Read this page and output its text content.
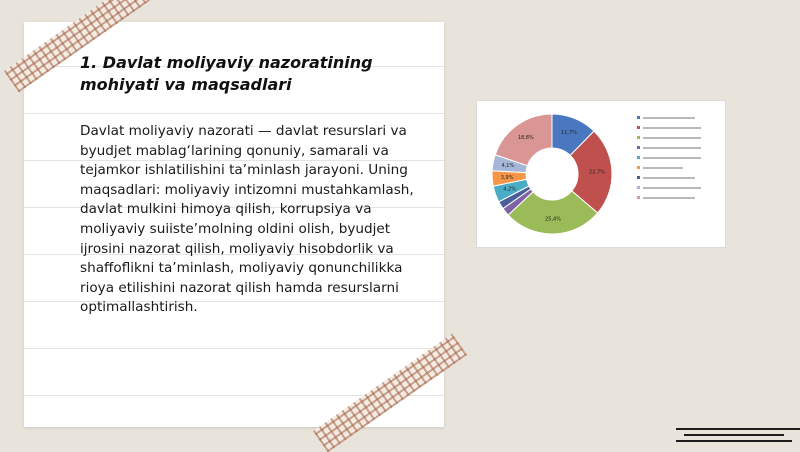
1. Davlat moliyaviy nazoratining mohiyati va maqsadlari
Davlat moliyaviy nazorati — davlat resurslari va byudjet mablag‘larining qonuniy, samarali va tejamkor ishlatilishini ta’minlash jarayoni. Uning maqsadlari: moliyaviy intizomni mustahkamlash, davlat mulkini himoya qilish, korrupsiya va moliyaviy suiiste’molning oldini olish, byudjet ijrosini nazorat qilish, moliyaviy hisobdorlik va shaffoflikni ta’minlash, moliyaviy qonunchilikka rioya etilishini nazorat qilish hamda resurslarni optimallashtirish.
11,7%
22,7%
25,4%
4,2%
3,9%
4,1%
18,8%
